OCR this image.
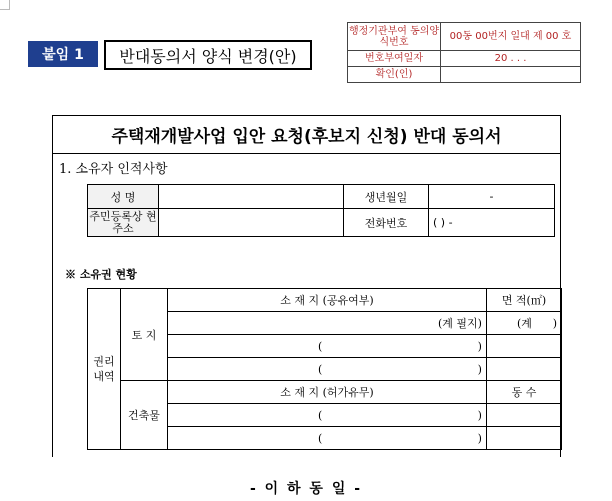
붙임 1	반대동의서 양식 변경(안)
행정기관부여 동의양식번호	00동 00번지 일대 제 00 호
번호부여일자	20 . . .
확인(인)	
주택재개발사업 입안 요청(후보지 신청) 반대 동의서
1. 소유자 인적사항
성 명		생년월일	-
주민등록상 현주소		전화번호	( ) -
※ 소유권 현황
권리 내역	토 지	소 재 지 (공유여부)		면 적(㎡)	
		(계 필지)		(계	)
		(	)		
		(	)		
	건축물	소 재 지 (허가유무)		동 수	
		(	)		
		(	)		
- 이 하 동 일 -
